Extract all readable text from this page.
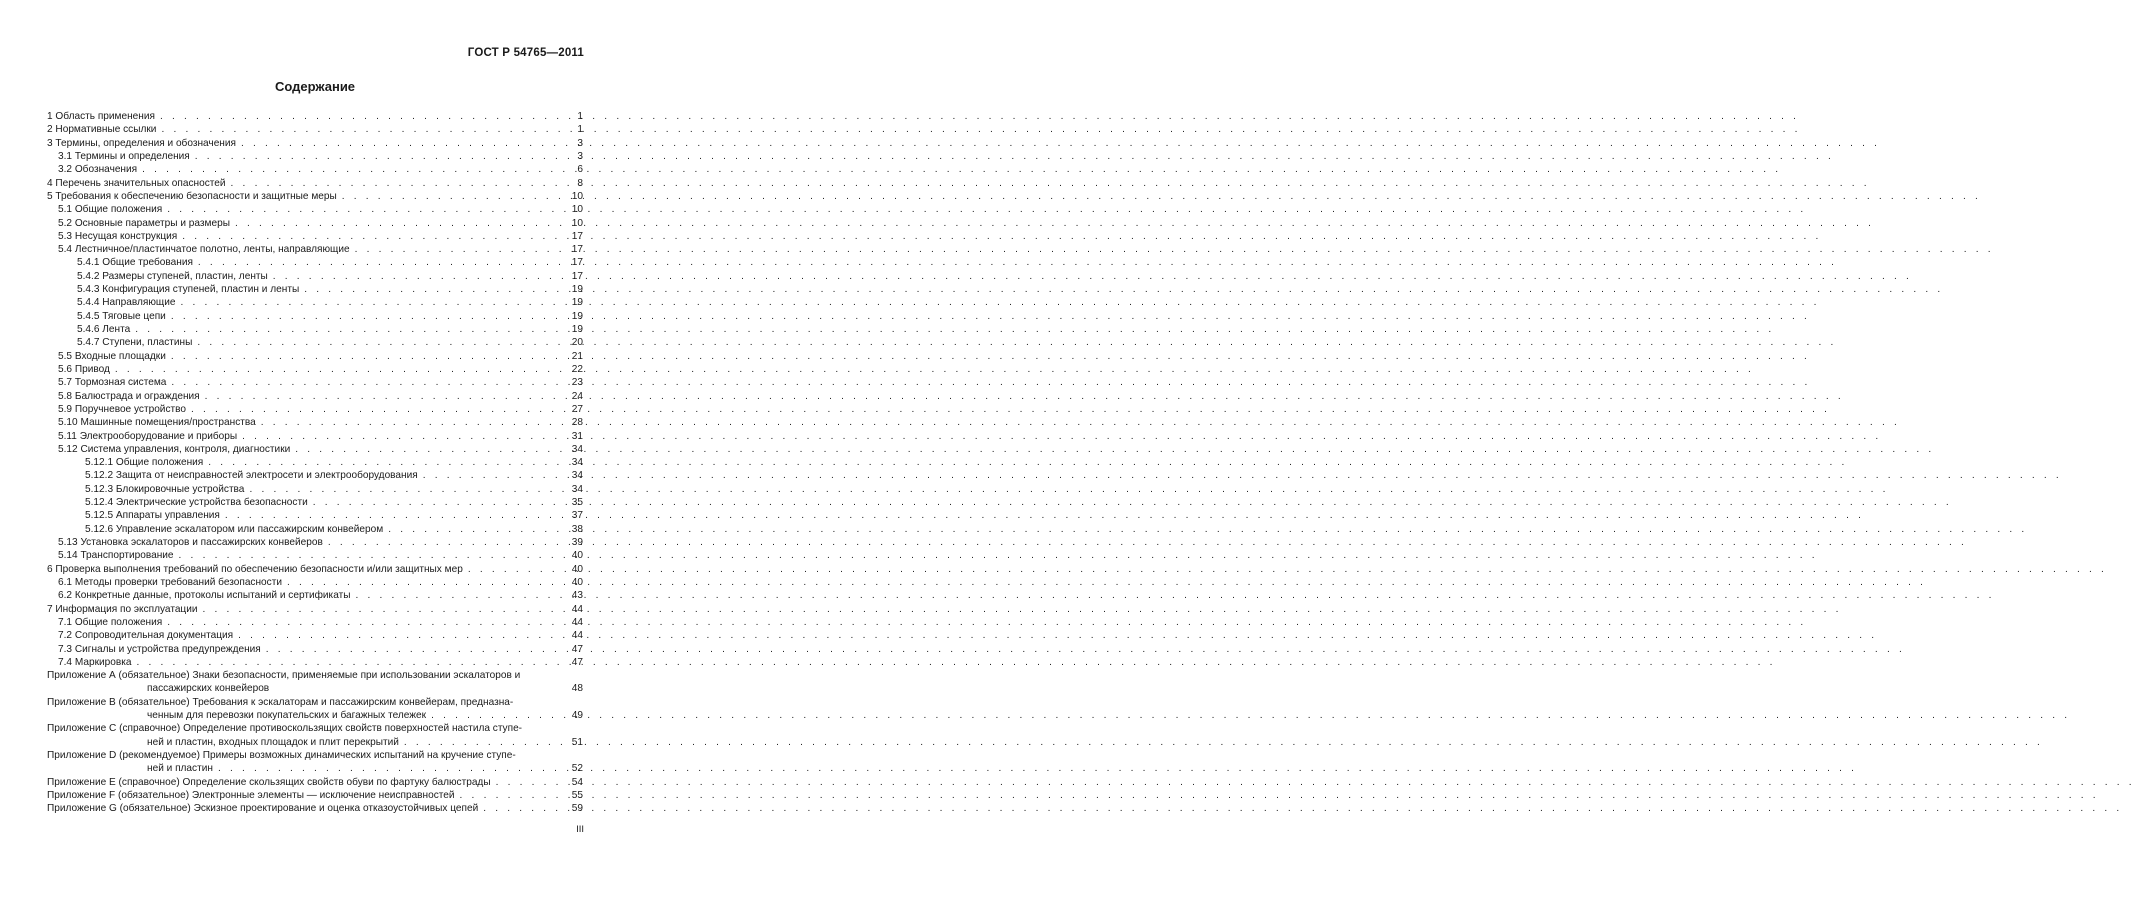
ГОСТ Р 54765—2011
Содержание
1 Область применения . . .	1
2 Нормативные ссылки . . .	1
3 Термины, определения и обозначения . . .	3
3.1 Термины и определения . . .	3
3.2 Обозначения . . .	6
4 Перечень значительных опасностей . . .	8
5 Требования к обеспечению безопасности и защитные меры . . .	10
5.1 Общие положения . . .	10
5.2 Основные параметры и размеры . . .	10
5.3 Несущая конструкция . . .	17
5.4 Лестничное/пластинчатое полотно, ленты, направляющие . . .	17
5.4.1 Общие требования . . .	17
5.4.2 Размеры ступеней, пластин, ленты . . .	17
5.4.3 Конфигурация ступеней, пластин и ленты . . .	19
5.4.4 Направляющие . . .	19
5.4.5 Тяговые цепи . . .	19
5.4.6 Лента . . .	19
5.4.7 Ступени, пластины . . .	20
5.5 Входные площадки . . .	21
5.6 Привод . . .	22
5.7 Тормозная система . . .	23
5.8 Балюстрада и ограждения . . .	24
5.9 Поручневое устройство . . .	27
5.10 Машинные помещения/пространства . . .	28
5.11 Электрооборудование и приборы . . .	31
5.12 Система управления, контроля, диагностики . . .	34
5.12.1 Общие положения . . .	34
5.12.2 Защита от неисправностей электросети и электрооборудования . . .	34
5.12.3 Блокировочные устройства . . .	34
5.12.4 Электрические устройства безопасности . . .	35
5.12.5 Аппараты управления . . .	37
5.12.6 Управление эскалатором или пассажирским конвейером . . .	38
5.13 Установка эскалаторов и пассажирских конвейеров . . .	39
5.14 Транспортирование . . .	40
6 Проверка выполнения требований по обеспечению безопасности и/или защитных мер . . .	40
6.1 Методы проверки требований безопасности . . .	40
6.2 Конкретные данные, протоколы испытаний и сертификаты . . .	43
7 Информация по эксплуатации . . .	44
7.1 Общие положения . . .	44
7.2 Сопроводительная документация . . .	44
7.3 Сигналы и устройства предупреждения . . .	47
7.4 Маркировка . . .	47
Приложение А (обязательное) Знаки безопасности, применяемые при использовании эскалаторов и
пассажирских конвейеров	48
Приложение В (обязательное) Требования к эскалаторам и пассажирским конвейерам, предназна-
ченным для перевозки покупательских и багажных тележек . . .	49
Приложение С (справочное) Определение противоскользящих свойств поверхностей настила ступе-
ней и пластин, входных площадок и плит перекрытий . . .	51
Приложение D (рекомендуемое) Примеры возможных динамических испытаний на кручение ступе-
ней и пластин . . .	52
Приложение Е (справочное) Определение скользящих свойств обуви по фартуку балюстрады . . .	54
Приложение F (обязательное) Электронные элементы — исключение неисправностей . . .	55
Приложение G (обязательное) Эскизное проектирование и оценка отказоустойчивых цепей . . .	59
III
